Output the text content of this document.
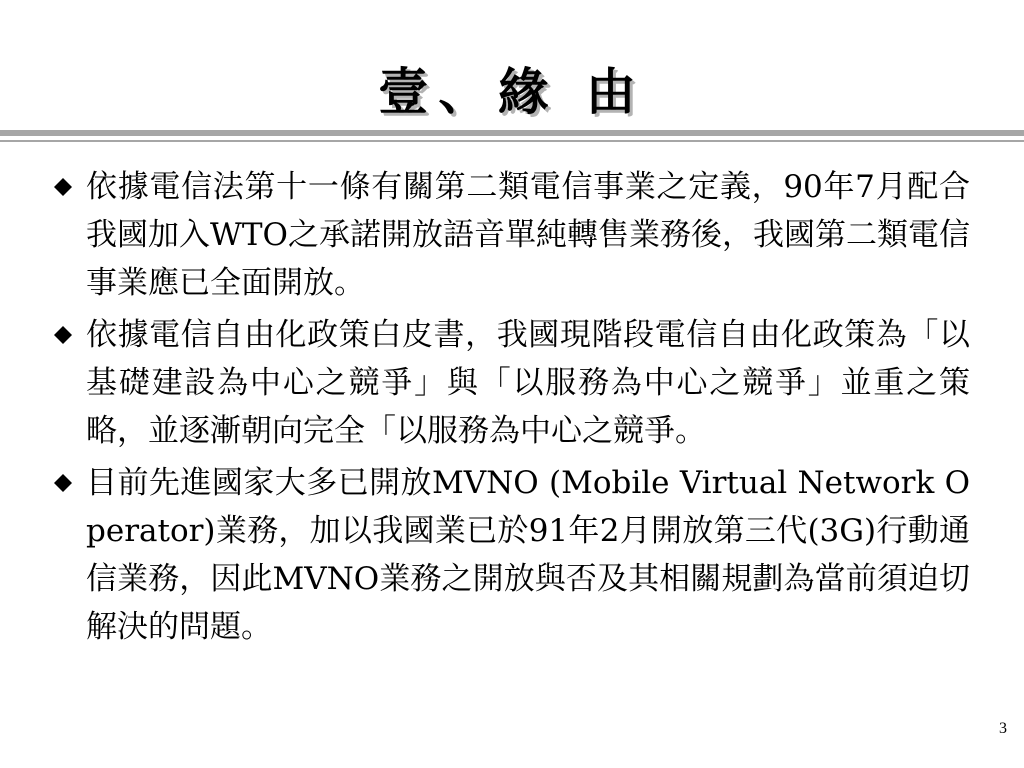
壹、緣 由
依據電信法第十一條有關第二類電信事業之定義，90年7月配合我國加入WTO之承諾開放語音單純轉售業務後，我國第二類電信事業應已全面開放。
依據電信自由化政策白皮書，我國現階段電信自由化政策為「以基礎建設為中心之競爭」與「以服務為中心之競爭」並重之策略，並逐漸朝向完全「以服務為中心之競爭。
目前先進國家大多已開放MVNO (Mobile Virtual Network Operator)業務，加以我國業已於91年2月開放第三代(3G)行動通信業務，因此MVNO業務之開放與否及其相關規劃為當前須迫切解決的問題。
3
